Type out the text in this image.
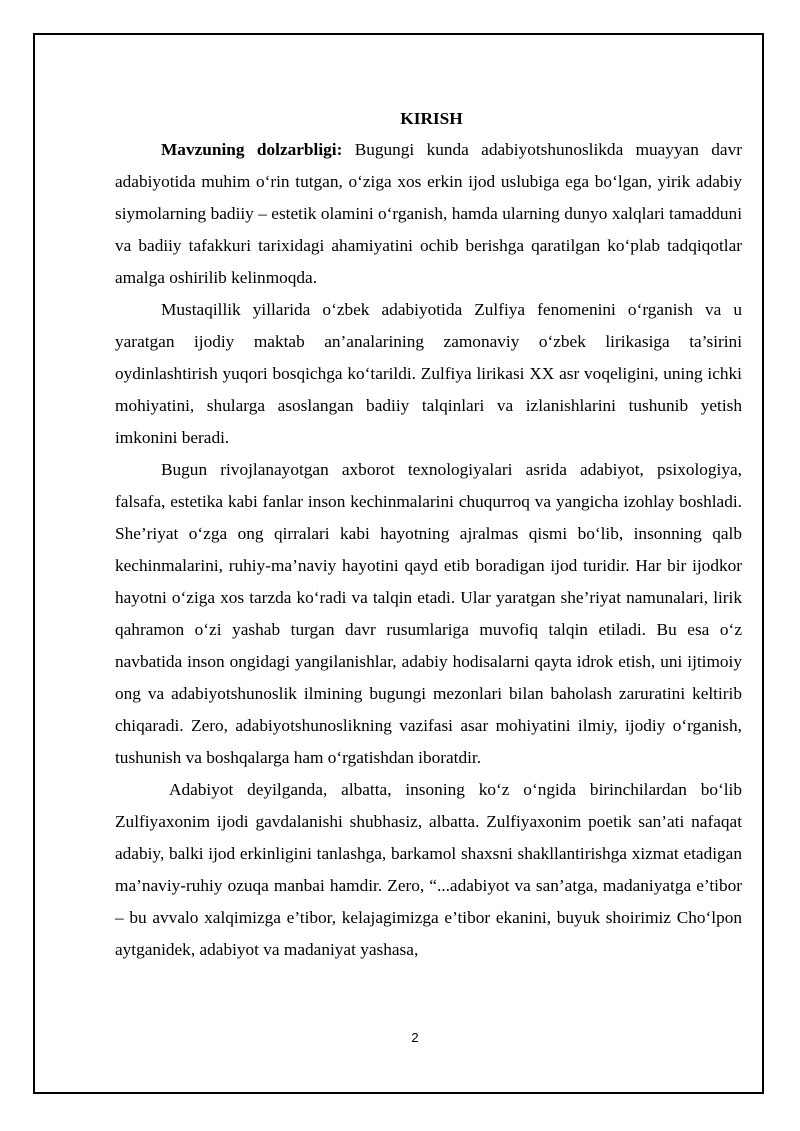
KIRISH

Mavzuning dolzarbligi: Bugungi kunda adabiyotshunoslikda muayyan davr adabiyotida muhim o‘rin tutgan, o‘ziga xos erkin ijod uslubiga ega bo‘lgan, yirik adabiy siymolarning badiiy – estetik olamini o‘rganish, hamda ularning dunyo xalqlari tamadduni va badiiy tafakkuri tarixidagi ahamiyatini ochib berishga qaratilgan ko‘plab tadqiqotlar amalga oshirilib kelinmoqda.

Mustaqillik yillarida o‘zbek adabiyotida Zulfiya fenomenini o‘rganish va u yaratgan ijodiy maktab an’analarining zamonaviy o‘zbek lirikasiga ta’sirini oydinlashtirish yuqori bosqichga ko‘tarildi. Zulfiya lirikasi XX asr voqeligini, uning ichki mohiyatini, shularga asoslangan badiiy talqinlari va izlanishlarini tushunib yetish imkonini beradi.

Bugun rivojlanayotgan axborot texnologiyalari asrida adabiyot, psixologiya, falsafa, estetika kabi fanlar inson kechinmalarini chuqurroq va yangicha izohlay boshladi. She’riyat o‘zga ong qirralari kabi hayotning ajralmas qismi bo‘lib, insonning qalb kechinmalarini, ruhiy-ma’naviy hayotini qayd etib boradigan ijod turidir. Har bir ijodkor hayotni o‘ziga xos tarzda ko‘radi va talqin etadi. Ular yaratgan she’riyat namunalari, lirik qahramon o‘zi yashab turgan davr rusumlariga muvofiq talqin etiladi. Bu esa o‘z navbatida inson ongidagi yangilanishlar, adabiy hodisalarni qayta idrok etish, uni ijtimoiy ong va adabiyotshunoslik ilmining bugungi mezonlari bilan baholash zaruratini keltirib chiqaradi. Zero, adabiyotshunoslikning vazifasi asar mohiyatini ilmiy, ijodiy o‘rganish, tushunish va boshqalarga ham o‘rgatishdan iboratdir.

Adabiyot deyilganda, albatta, insoning ko‘z o‘ngida birinchilardan bo‘lib Zulfiyaxonim ijodi gavdalanishi shubhasiz, albatta. Zulfiyaxonim poetik san’ati nafaqat adabiy, balki ijod erkinligini tanlashga, barkamol shaxsni shakllantirishga xizmat etadigan ma’naviy-ruhiy ozuqa manbai hamdir. Zero, “...adabiyot va san’atga, madaniyatga e’tibor – bu avvalo xalqimizga e’tibor, kelajagimizga e’tibor ekanini, buyuk shoirimiz Cho‘lpon aytganidek, adabiyot va madaniyat yashasa,

2
